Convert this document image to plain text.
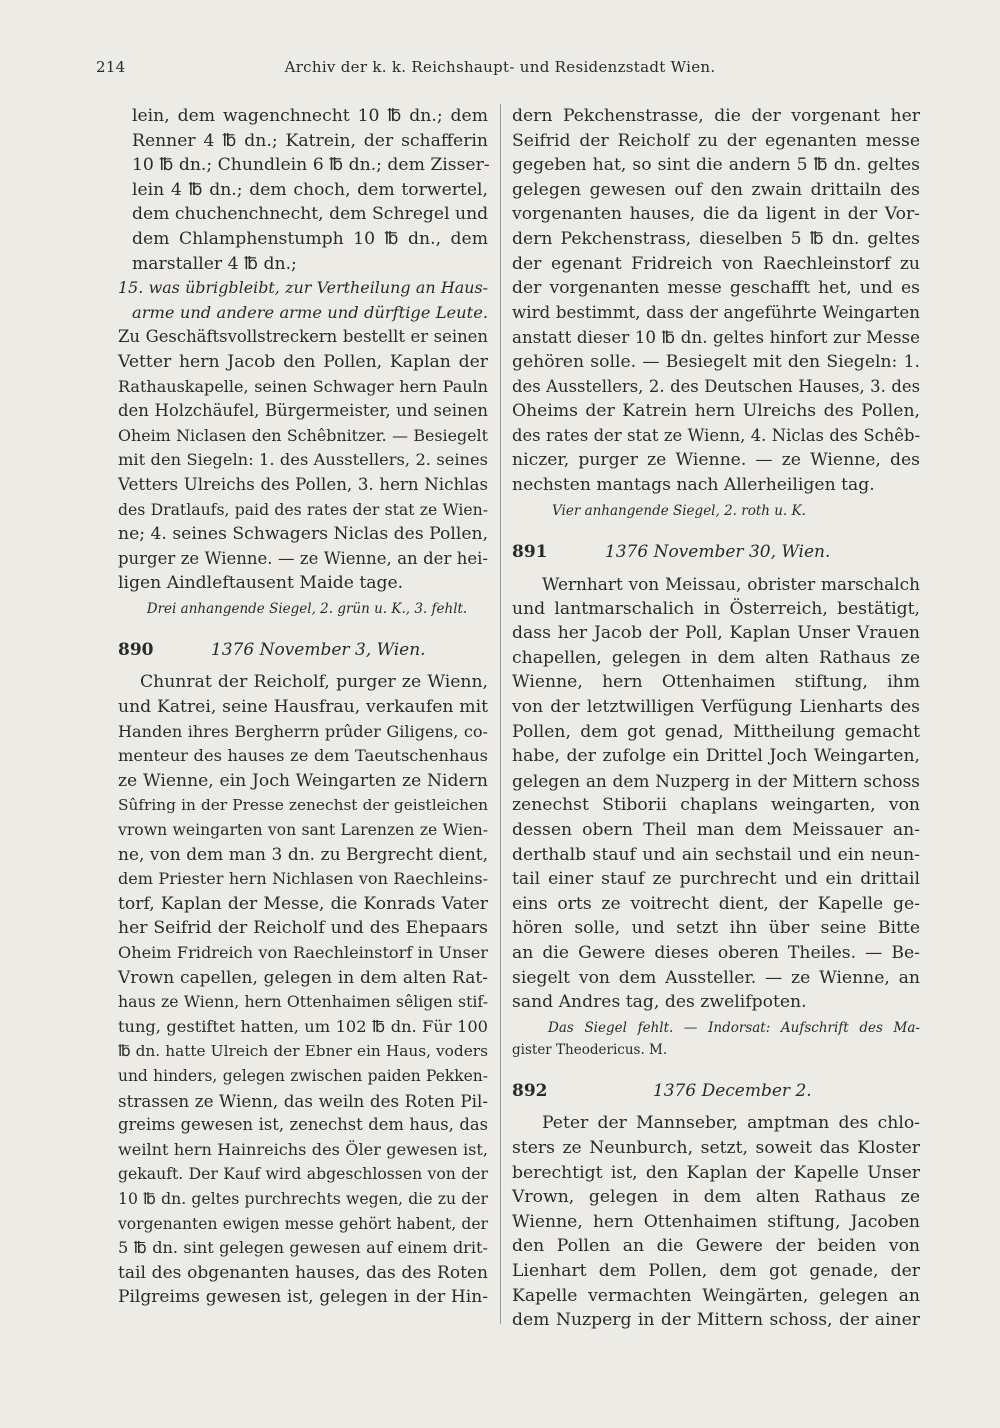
214	Archiv der k. k. Reichshaupt- und Residenzstadt Wien.
lein, dem wagenchnecht 10 ℔ dn.; dem
Renner 4 ℔ dn.; Katrein, der schafferin
10 ℔ dn.; Chundlein 6 ℔ dn.; dem Zisser-
lein 4 ℔ dn.; dem choch, dem torwertel,
dem chuchenchnecht, dem Schregel und
dem Chlamphenstumph 10 ℔ dn., dem
marstaller 4 ℔ dn.;
15. was übrigbleibt, zur Vertheilung an Haus-
arme und andere arme und dürftige Leute.
Zu Geschäftsvollstreckern bestellt er seinen
Vetter hern Jacob den Pollen, Kaplan der
Rathauskapelle, seinen Schwager hern Pauln
den Holzchäufel, Bürgermeister, und seinen
Oheim Niclasen den Schêbnitzer. — Besiegelt
mit den Siegeln: 1. des Ausstellers, 2. seines
Vetters Ulreichs des Pollen, 3. hern Nichlas
des Dratlaufs, paid des rates der stat ze Wien-
ne; 4. seines Schwagers Niclas des Pollen,
purger ze Wienne. — ze Wienne, an der hei-
ligen Aindleftausent Maide tage.

Drei anhangende Siegel, 2. grün u. K., 3. fehlt.

890	1376 November 3, Wien.
Chunrat der Reicholf, purger ze Wienn,
und Katrei, seine Hausfrau, verkaufen mit
Handen ihres Bergherrn prûder Giligens, co-
menteur des hauses ze dem Taeutschenhaus
ze Wienne, ein Joch Weingarten ze Nidern
Sûfring in der Presse zenechst der geistleichen
vrown weingarten von sant Larenzen ze Wien-
ne, von dem man 3 dn. zu Bergrecht dient,
dem Priester hern Nichlasen von Raechleins-
torf, Kaplan der Messe, die Konrads Vater
her Seifrid der Reicholf und des Ehepaars
Oheim Fridreich von Raechleinstorf in Unser
Vrown capellen, gelegen in dem alten Rat-
haus ze Wienn, hern Ottenhaimen sêligen stif-
tung, gestiftet hatten, um 102 ℔ dn. Für 100
℔ dn. hatte Ulreich der Ebner ein Haus, voders
und hinders, gelegen zwischen paiden Pekken-
strassen ze Wienn, das weiln des Roten Pil-
greims gewesen ist, zenechst dem haus, das
weilnt hern Hainreichs des Öler gewesen ist,
gekauft. Der Kauf wird abgeschlossen von der
10 ℔ dn. geltes purchrechts wegen, die zu der
vorgenanten ewigen messe gehört habent, der
5 ℔ dn. sint gelegen gewesen auf einem drit-
tail des obgenanten hauses, das des Roten
Pilgreims gewesen ist, gelegen in der Hin-
dern Pekchenstrasse, die der vorgenant her
Seifrid der Reicholf zu der egenanten messe
gegeben hat, so sint die andern 5 ℔ dn. geltes
gelegen gewesen ouf den zwain drittailn des
vorgenanten hauses, die da ligent in der Vor-
dern Pekchenstrass, dieselben 5 ℔ dn. geltes
der egenant Fridreich von Raechleinstorf zu
der vorgenanten messe geschafft het, und es
wird bestimmt, dass der angeführte Weingarten
anstatt dieser 10 ℔ dn. geltes hinfort zur Messe
gehören solle. — Besiegelt mit den Siegeln: 1.
des Ausstellers, 2. des Deutschen Hauses, 3. des
Oheims der Katrein hern Ulreichs des Pollen,
des rates der stat ze Wienn, 4. Niclas des Schêb-
niczer, purger ze Wienne. — ze Wienne, des
nechsten mantags nach Allerheiligen tag.

Vier anhangende Siegel, 2. roth u. K.

891	1376 November 30, Wien.
Wernhart von Meissau, obrister marschalch
und lantmarschalich in Österreich, bestätigt,
dass her Jacob der Poll, Kaplan Unser Vrauen
chapellen, gelegen in dem alten Rathaus ze
Wienne, hern Ottenhaimen stiftung, ihm
von der letztwilligen Verfügung Lienharts des
Pollen, dem got genad, Mittheilung gemacht
habe, der zufolge ein Drittel Joch Weingarten,
gelegen an dem Nuzperg in der Mittern schoss
zenechst Stiborii chaplans weingarten, von
dessen obern Theil man dem Meissauer an-
derthalb stauf und ain sechstail und ein neun-
tail einer stauf ze purchrecht und ein drittail
eins orts ze voitrecht dient, der Kapelle ge-
hören solle, und setzt ihn über seine Bitte
an die Gewere dieses oberen Theiles. — Be-
siegelt von dem Aussteller. — ze Wienne, an
sand Andres tag, des zwelifpoten.
Das Siegel fehlt. — Indorsat: Aufschrift des Ma-
gister Theodericus. M.
892	1376 December 2.
Peter der Mannseber, amptman des chlo-
sters ze Neunburch, setzt, soweit das Kloster
berechtigt ist, den Kaplan der Kapelle Unser
Vrown, gelegen in dem alten Rathaus ze
Wienne, hern Ottenhaimen stiftung, Jacoben
den Pollen an die Gewere der beiden von
Lienhart dem Pollen, dem got genade, der
Kapelle vermachten Weingärten, gelegen an
dem Nuzperg in der Mittern schoss, der ainer
